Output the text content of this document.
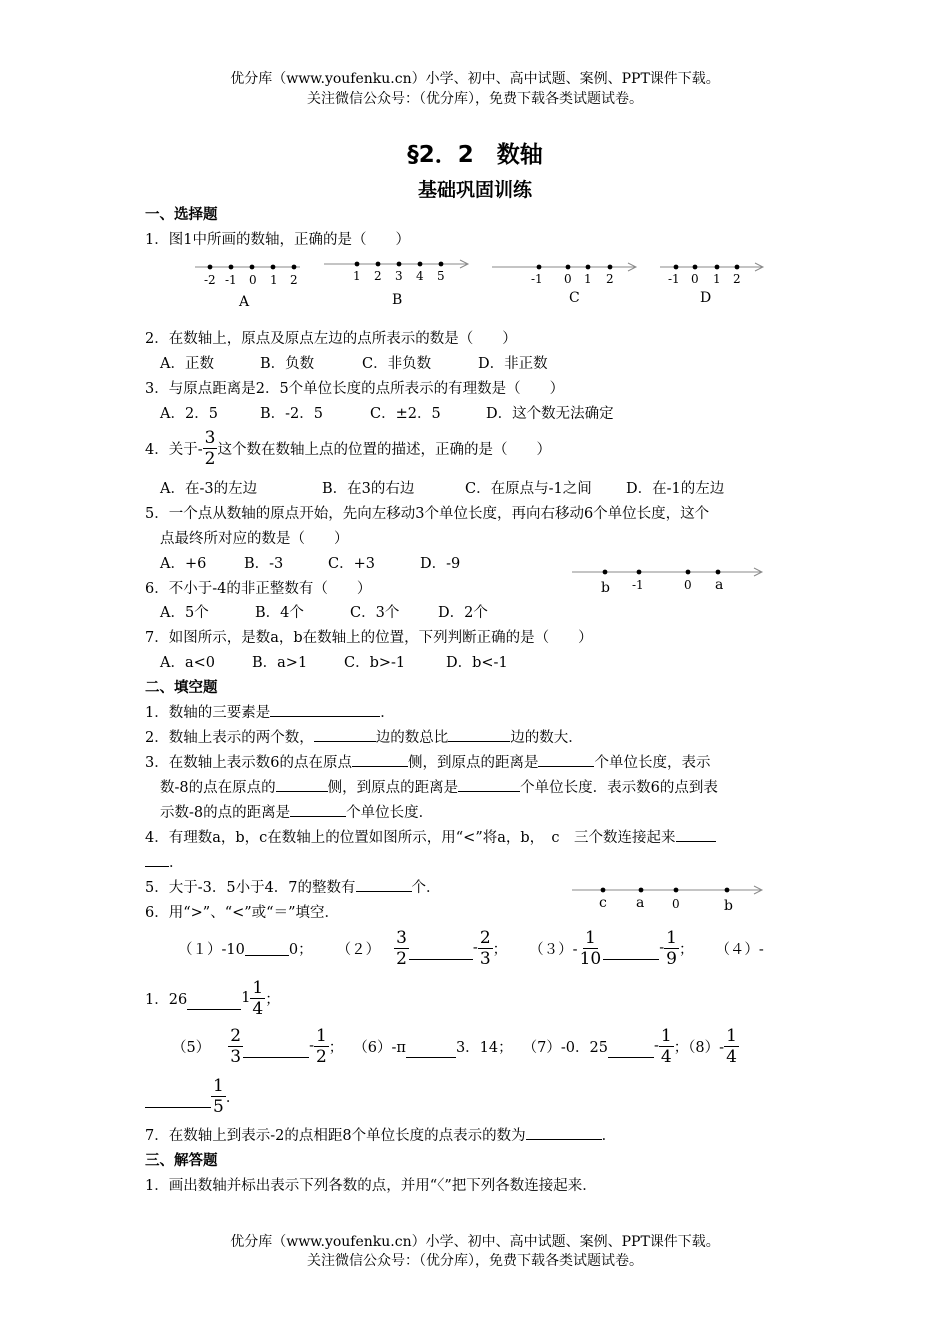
优分库（www.youfenku.cn）小学、初中、高中试题、案例、PPT课件下载。
关注微信公众号：（优分库），免费下载各类试题试卷。
§2．2　数轴
基础巩固训练
一、选择题
1．图1中所画的数轴，正确的是（　　）
-2 -1 0 1 2
A
1 2 3 4 5
B
-1 0 1 2
C
-1 0 1 2
D
2．在数轴上，原点及原点左边的点所表示的数是（　　）
A．正数	B．负数	C．非负数	D．非正数
3．与原点距离是2．5个单位长度的点所表示的有理数是（　　）
A．2．5	B．-2．5	C．±2．5	D．这个数无法确定
4．关于- $\frac{3}{2}$ 这个数在数轴上点的位置的描述，正确的是（　　）
A．在-3的左边	B．在3的右边	C．在原点与-1之间 D．在-1的左边
5．一个点从数轴的原点开始，先向左移动3个单位长度，再向右移动6个单位长度，这个
点最终所对应的数是（　　）
A．+6	B．-3	C．+3	D．-9
6．不小于-4的非正整数有（　　）
A．5个	B．4个	C．3个	D．2个
b -1	0 a
7．如图所示，是数a，b在数轴上的位置，下列判断正确的是（　　）
A．a<0	B．a>1	C．b>-1	D．b<-1
二、填空题
1．数轴的三要素是	．
2．数轴上表示的两个数，	边的数总比	边的数大．
3．在数轴上表示数6的点在原点	侧，到原点的距离是	个单位长度，表示
数-8的点在原点的	侧，到原点的距离是	个单位长度．表示数6的点到表
示数-8的点的距离是	个单位长度．
4．有理数a，b，c在数轴上的位置如图所示，用“<”将a，b，　c　三个数连接起来
．
5．大于-3．5小于4．7的整数有	个．
c a 0	b
6．用“>”、“<”或“＝”填空．
（１）-10	0； $(2) \frac{3}{2}$	- $\frac{2}{3}$ ； $(3)- \frac{1}{10}$	- $\frac{1}{9}$ ； （４）-
1．26	$1 \frac{1}{4}$ ；
$(5) \frac{2}{3}$	- $\frac{1}{2}$ ； （6）-π	3．14； （7）-0．25	- $\frac{1}{4}$ ；$(8)- \frac{1}{4}$
$\frac{1}{5}$ ．
7．在数轴上到表示-2的点相距8个单位长度的点表示的数为	．
三、解答题
1．画出数轴并标出表示下列各数的点，并用“〈”把下列各数连接起来．
优分库（www.youfenku.cn）小学、初中、高中试题、案例、PPT课件下载。
关注微信公众号：（优分库），免费下载各类试题试卷。
